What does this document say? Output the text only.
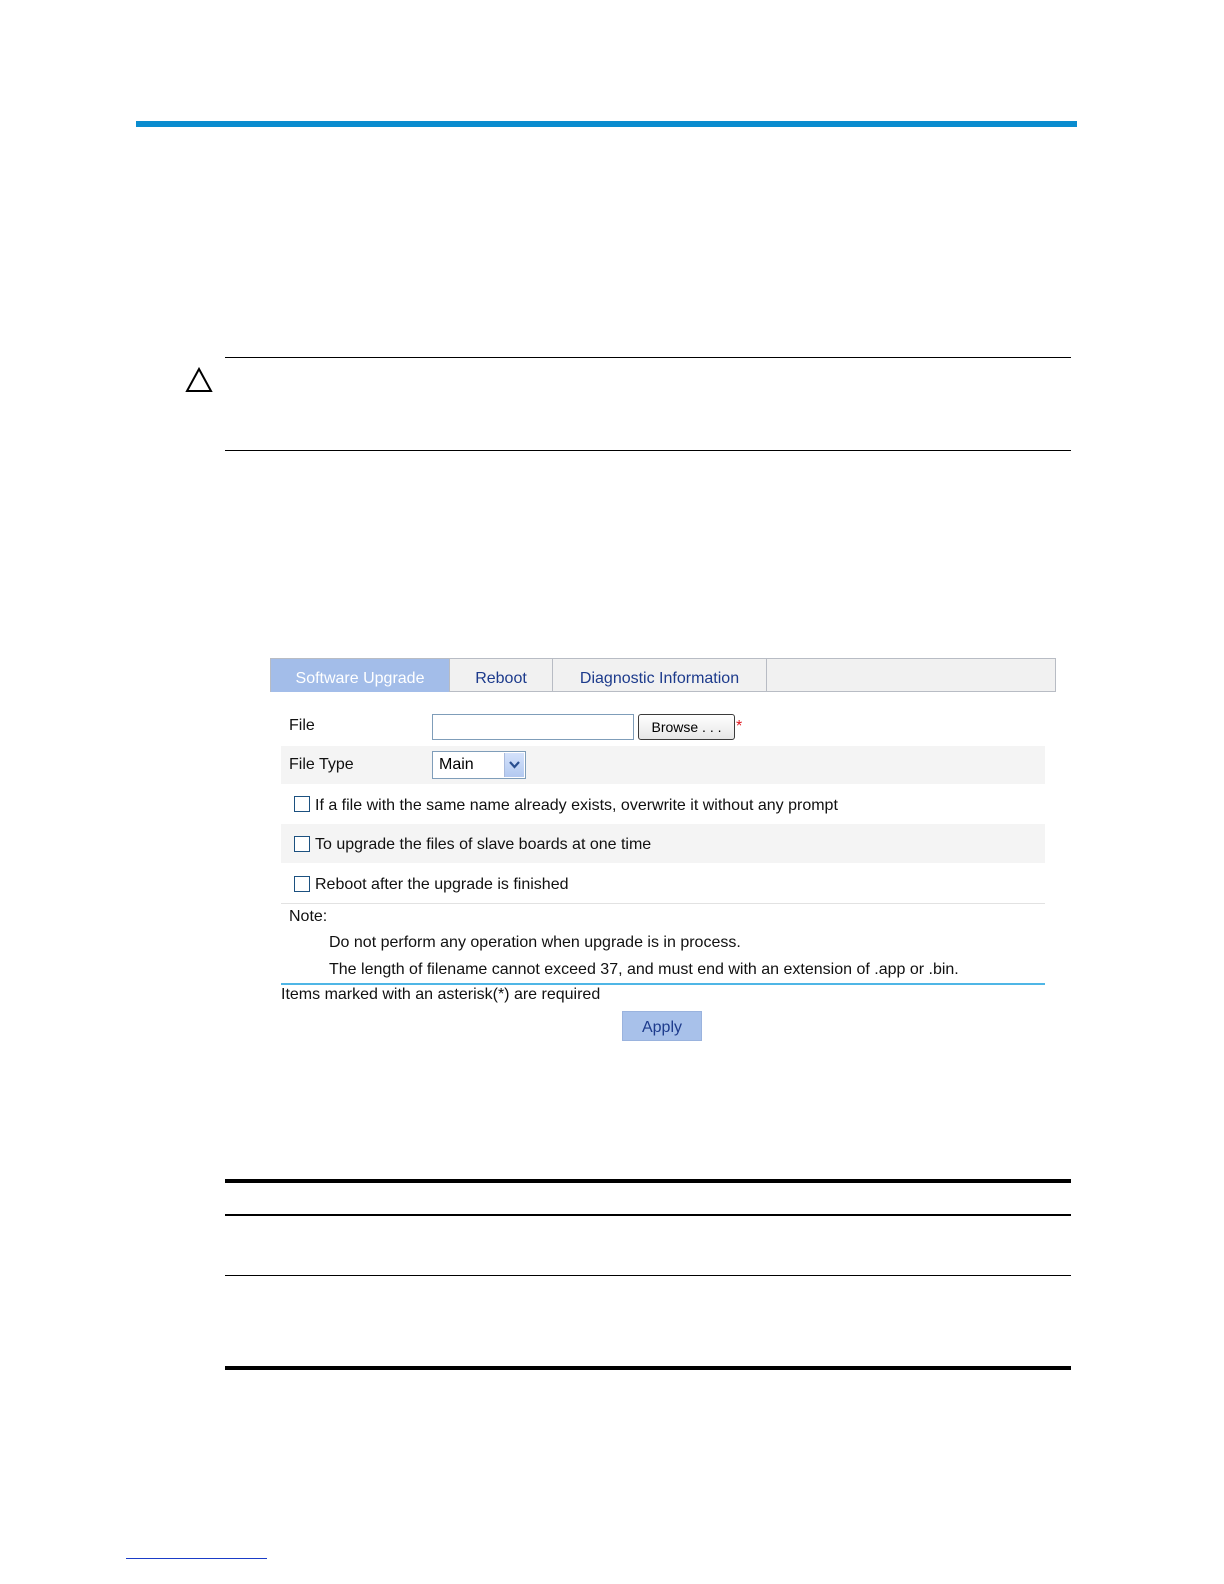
Software Upgrade	Reboot	Diagnostic Information
File	Browse . . . *
File Type	Main
If a file with the same name already exists, overwrite it without any prompt
To upgrade the files of slave boards at one time
Reboot after the upgrade is finished
Note:
Do not perform any operation when upgrade is in process.
The length of filename cannot exceed 37, and must end with an extension of .app or .bin.
Items marked with an asterisk(*) are required
Apply
